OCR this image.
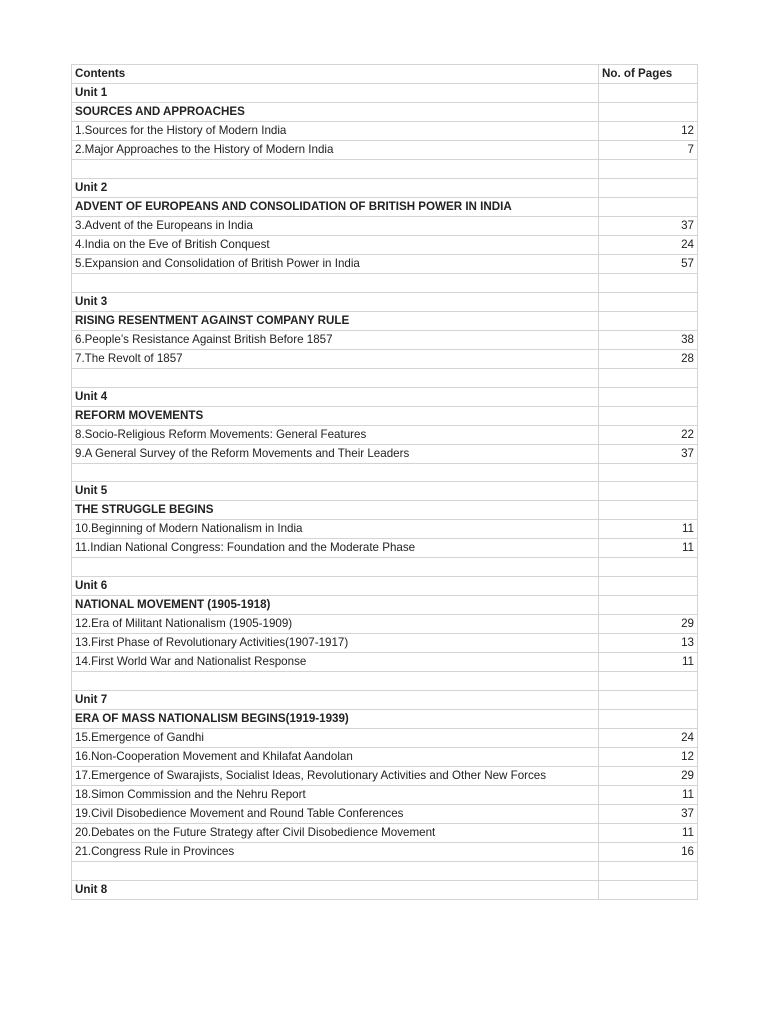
Contents	No. of Pages
Unit 1	
SOURCES AND APPROACHES	
1.Sources for the History of Modern India	12
2.Major Approaches to the History of Modern India	7

Unit 2	
ADVENT OF EUROPEANS AND CONSOLIDATION OF BRITISH POWER IN INDIA	
3.Advent of the Europeans in India	37
4.India on the Eve of British Conquest	24
5.Expansion and Consolidation of British Power in India	57

Unit 3	
RISING RESENTMENT AGAINST COMPANY RULE	
6.People’s Resistance Against British Before 1857	38
7.The Revolt of 1857	28

Unit 4	
REFORM MOVEMENTS	
8.Socio-Religious Reform Movements: General Features	22
9.A General Survey of the Reform Movements and Their Leaders	37

Unit 5	
THE STRUGGLE BEGINS	
10.Beginning of Modern Nationalism in India	11
11.Indian National Congress: Foundation and the Moderate Phase	11

Unit 6	
NATIONAL MOVEMENT (1905-1918)	
12.Era of Militant Nationalism (1905-1909)	29
13.First Phase of Revolutionary Activities(1907-1917)	13
14.First World War and Nationalist Response	11

Unit 7	
ERA OF MASS NATIONALISM BEGINS(1919-1939)	
15.Emergence of Gandhi	24
16.Non-Cooperation Movement and Khilafat Aandolan	12
17.Emergence of Swarajists, Socialist Ideas, Revolutionary Activities and Other New Forces	29
18.Simon Commission and the Nehru Report	11
19.Civil Disobedience Movement and Round Table Conferences	37
20.Debates on the Future Strategy after Civil Disobedience Movement	11
21.Congress Rule in Provinces	16

Unit 8	
